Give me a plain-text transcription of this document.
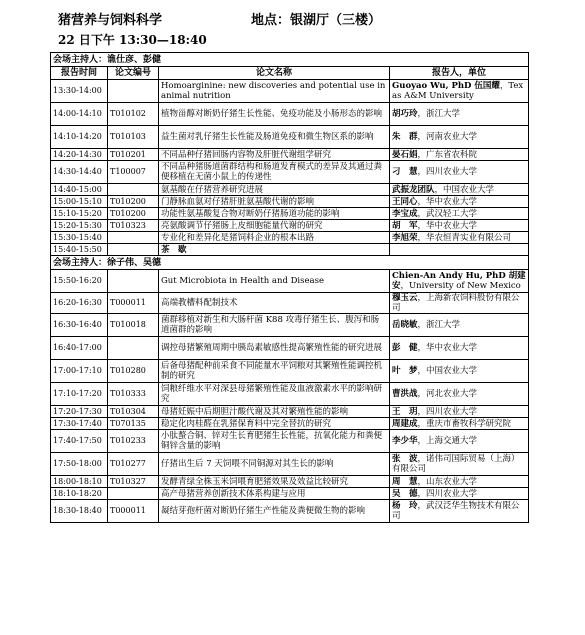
猪营养与饲料科学	地点：银湖厅（三楼）
22 日下午 13:30—18:40
会场主持人：谯仕彦、彭健			
报告时间	论文编号	论文名称	报告人，单位
13:30-14:00		Homoarginine: new discoveries and potential use in animal nutrition	Guoyao Wu, PhD 伍国耀，Texas A&M University
14:00-14:10	T010102	植物甾醇对断奶仔猪生长性能、免疫功能及小肠形态的影响	胡巧玲，浙江大学
14:10-14:20	T010103	益生菌对乳仔猪生长性能及肠道免疫和微生物区系的影响	朱　群，河南农业大学
14:20-14:30	T010201	不同品种仔猪回肠内容物及肝脏代谢组学研究	晏石娟，广东省农科院
14:30-14:40	T100007	不同品种猪肠道菌群结构和肠道发育模式的差异及其通过粪便移植在无菌小鼠上的传递性	刁　慧，四川农业大学
14:40-15:00		氨基酸在仔猪营养研究进展	武振龙团队，中国农业大学
15:00-15:10	T010200	门静脉血氨对仔猪肝脏氨基酸代谢的影响	王同心，华中农业大学
15:10-15:20	T010200	功能性氨基酸复合物对断奶仔猪肠道功能的影响	李宝成，武汉轻工大学
15:20-15:30	T010323	亮氨酸调节仔猪肠上皮细胞能量代谢的研究	胡　军，华中农业大学
15:30-15:40		专业化和差异化是猪饲料企业的根本出路	李旭荣，华农恒青实业有限公司
15:40-15:50		茶　歇	
会场主持人：徐子伟、吴德			
15:50-16:20		Gut Microbiota in Health and Disease	Chien-An Andy Hu, PhD 胡建安，University of New Mexico
16:20-16:30	T000011	高端教槽料配制技术	穆玉云，上海新农饲料股份有限公司
16:30-16:40	T010018	菌群移植对新生和大肠杆菌 K88 攻毒仔猪生长、腹泻和肠道菌群的影响	岳晓敏，浙江大学
16:40-17:00		调控母猪繁殖周期中胰岛素敏感性提高繁殖性能的研究进展	彭　健，华中农业大学
17:00-17:10	T010280	后备母猪配种前采食不同能量水平饲粮对其繁殖性能调控机制的研究	叶　梦，中国农业大学
17:10-17:20	T010333	饲粮纤维水平对深县母猪繁殖性能及血液激素水平的影响研究	曹洪战，河北农业大学
17:20-17:30	T010304	母猪妊娠中后期胆汁酸代谢及其对繁殖性能的影响	王　玥，四川农业大学
17:30-17:40	T070135	稳定化肉桂醛在乳猪保育料中完全替抗的研究	周建成，重庆市畜牧科学研究院
17:40-17:50	T010233	小肽螯合铜、锌对生长育肥猪生长性能，抗氧化能力和粪便铜锌含量的影响	李少华，上海交通大学
17:50-18:00	T010277	仔猪出生后 7 天饲喂不同铜源对其生长的影响	张　波，诺伟司国际贸易（上海）有限公司
18:00-18:10	T010327	发酵青绿全株玉米饲喂育肥猪效果及效益比较研究	周　慧，山东农业大学
18:10-18:20		高产母猪营养创新技术体系构建与应用	吴　德，四川农业大学
18:30-18:40	T000011	凝结芽孢杆菌对断奶仔猪生产性能及粪便微生物的影响	杨　玲，武汉泛华生物技术有限公司
